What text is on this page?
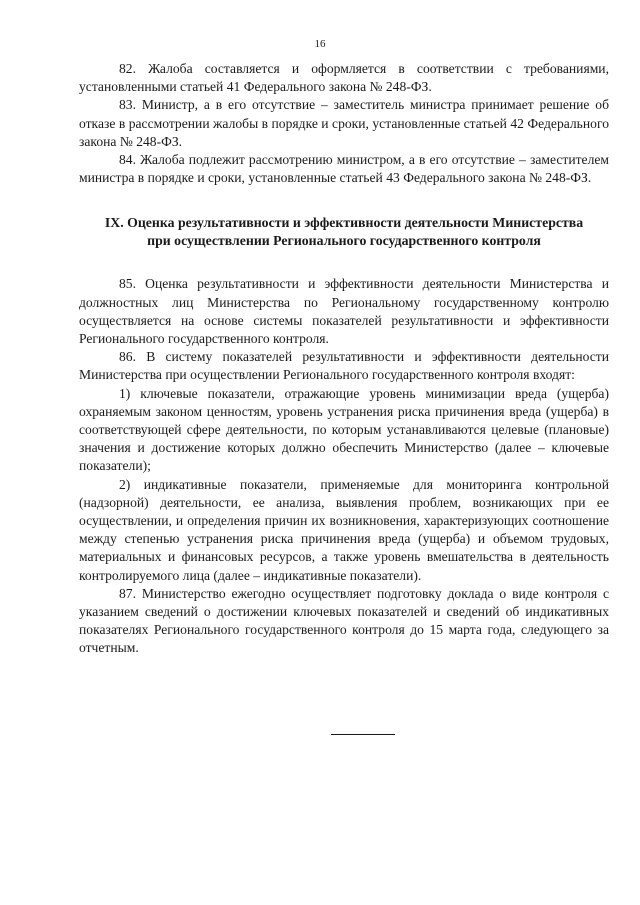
16

82. Жалоба составляется и оформляется в соответствии с требованиями, установленными статьей 41 Федерального закона № 248-ФЗ.

83. Министр, а в его отсутствие – заместитель министра принимает решение об отказе в рассмотрении жалобы в порядке и сроки, установленные статьей 42 Федерального закона № 248-ФЗ.

84. Жалоба подлежит рассмотрению министром, а в его отсутствие – заместителем министра в порядке и сроки, установленные статьей 43 Федерального закона № 248-ФЗ.

IX. Оценка результативности и эффективности деятельности Министерства
при осуществлении Регионального государственного контроля

85. Оценка результативности и эффективности деятельности Министерства и должностных лиц Министерства по Региональному государственному контролю осуществляется на основе системы показателей результативности и эффективности Регионального государственного контроля.

86. В систему показателей результативности и эффективности деятельности Министерства при осуществлении Регионального государственного контроля входят:

1) ключевые показатели, отражающие уровень минимизации вреда (ущерба) охраняемым законом ценностям, уровень устранения риска причинения вреда (ущерба) в соответствующей сфере деятельности, по которым устанавливаются целевые (плановые) значения и достижение которых должно обеспечить Министерство (далее – ключевые показатели);

2) индикативные показатели, применяемые для мониторинга контрольной (надзорной) деятельности, ее анализа, выявления проблем, возникающих при ее осуществлении, и определения причин их возникновения, характеризующих соотношение между степенью устранения риска причинения вреда (ущерба) и объемом трудовых, материальных и финансовых ресурсов, а также уровень вмешательства в деятельность контролируемого лица (далее – индикативные показатели).

87. Министерство ежегодно осуществляет подготовку доклада о виде контроля с указанием сведений о достижении ключевых показателей и сведений об индикативных показателях Регионального государственного контроля до 15 марта года, следующего за отчетным.
